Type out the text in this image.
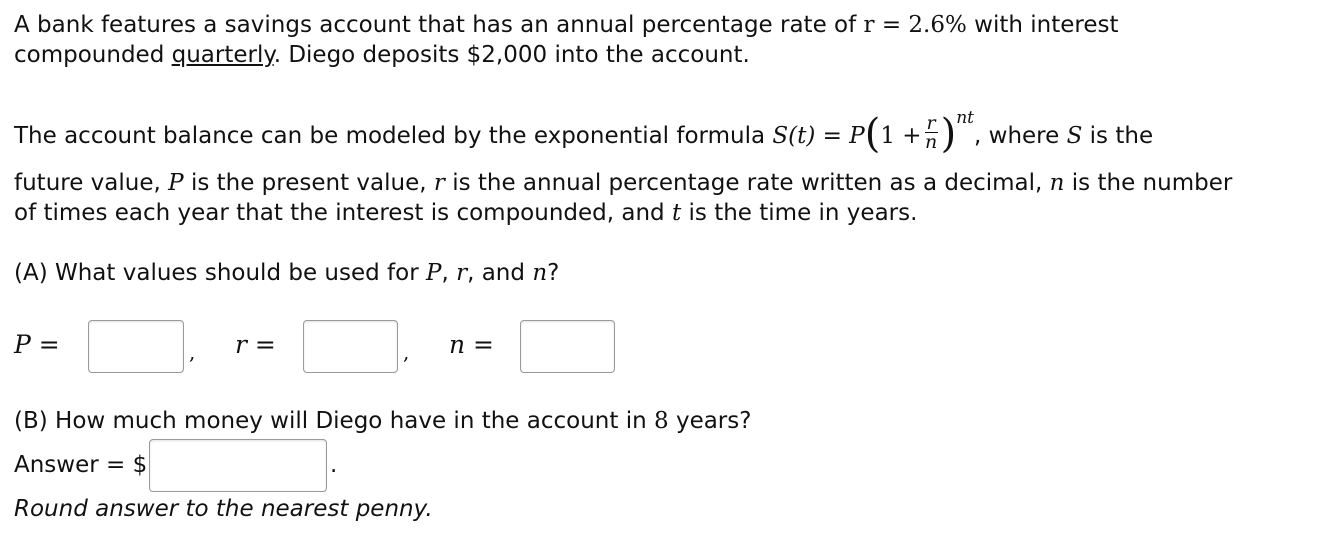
A bank features a savings account that has an annual percentage rate of r = 2.6% with interest
compounded quarterly. Diego deposits $2,000 into the account.
The account balance can be modeled by the exponential formula $S(t) = P(1 + \frac{r}{n} )^{nt}$, where S is the
future value, P is the present value, r is the annual percentage rate written as a decimal, n is the number
of times each year that the interest is compounded, and t is the time in years.
(A) What values should be used for P, r, and n?
P =	, r =	, n =
(B) How much money will Diego have in the account in 8 years?
Answer = $	.
Round answer to the nearest penny.
